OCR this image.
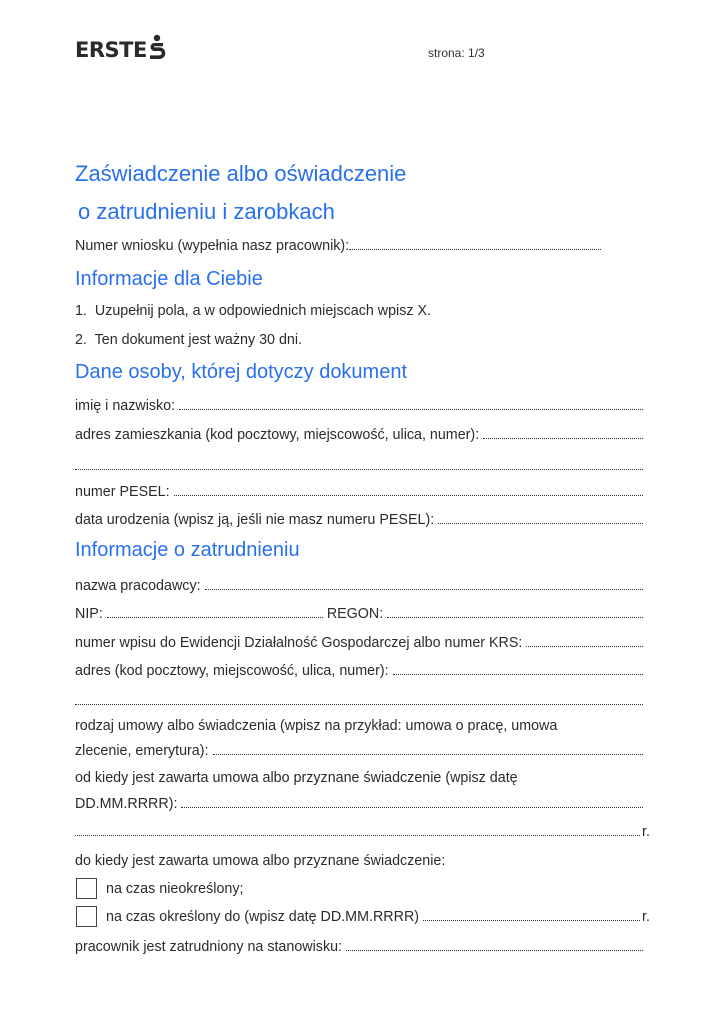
ERSTE	strona: 1/3
Zaświadczenie albo oświadczenie
o zatrudnieniu i zarobkach
Numer wniosku (wypełnia nasz pracownik):
Informacje dla Ciebie
1.  Uzupełnij pola, a w odpowiednich miejscach wpisz X.
2.  Ten dokument jest ważny 30 dni.
Dane osoby, której dotyczy dokument
imię i nazwisko:
adres zamieszkania (kod pocztowy, miejscowość, ulica, numer):
numer PESEL:
data urodzenia (wpisz ją, jeśli nie masz numeru PESEL):
Informacje o zatrudnieniu
nazwa pracodawcy:
NIP:	REGON:
numer wpisu do Ewidencji Działalność Gospodarczej albo numer KRS:
adres (kod pocztowy, miejscowość, ulica, numer):
rodzaj umowy albo świadczenia (wpisz na przykład: umowa o pracę, umowa
zlecenie, emerytura):
od kiedy jest zawarta umowa albo przyznane świadczenie (wpisz datę
DD.MM.RRRR):
r.
do kiedy jest zawarta umowa albo przyznane świadczenie:
na czas nieokreślony;
na czas określony do (wpisz datę DD.MM.RRRR)	r.
pracownik jest zatrudniony na stanowisku:
